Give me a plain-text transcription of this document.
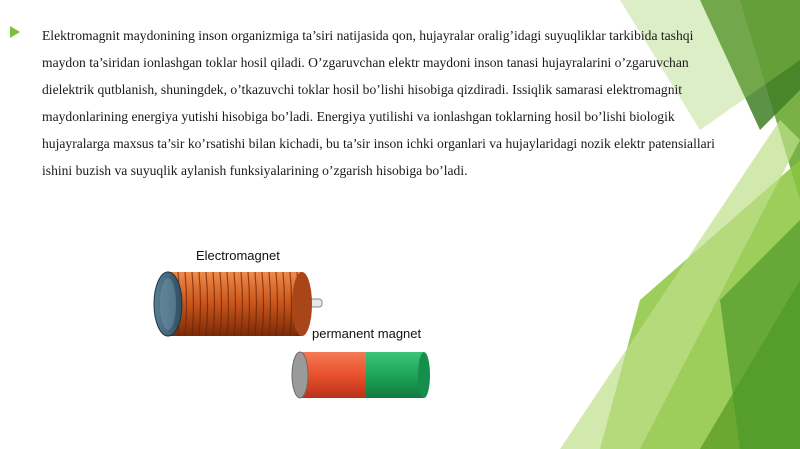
Elektromagnit maydonining inson organizmiga ta’siri natijasida qon, hujayralar oralig’idagi suyuqliklar tarkibida tashqi maydon ta’siridan ionlashgan toklar hosil qiladi. O’zgaruvchan elektr maydoni inson tanasi hujayralarini o’zgaruvchan dielektrik qutblanish, shuningdek, o’tkazuvchi toklar hosil bo’lishi hisobiga qizdiradi. Issiqlik samarasi elektromagnit maydonlarining energiya yutishi hisobiga bo’ladi. Energiya yutilishi va ionlashgan toklarning hosil bo’lishi biologik hujayralarga maxsus ta’sir ko’rsatishi bilan kichadi, bu ta’sir inson ichki organlari va hujaylaridagi nozik elektr patensiallari ishini buzish va suyuqlik aylanish funksiyalarining o’zgarish hisobiga bo’ladi.
Electromagnet
permanent magnet
